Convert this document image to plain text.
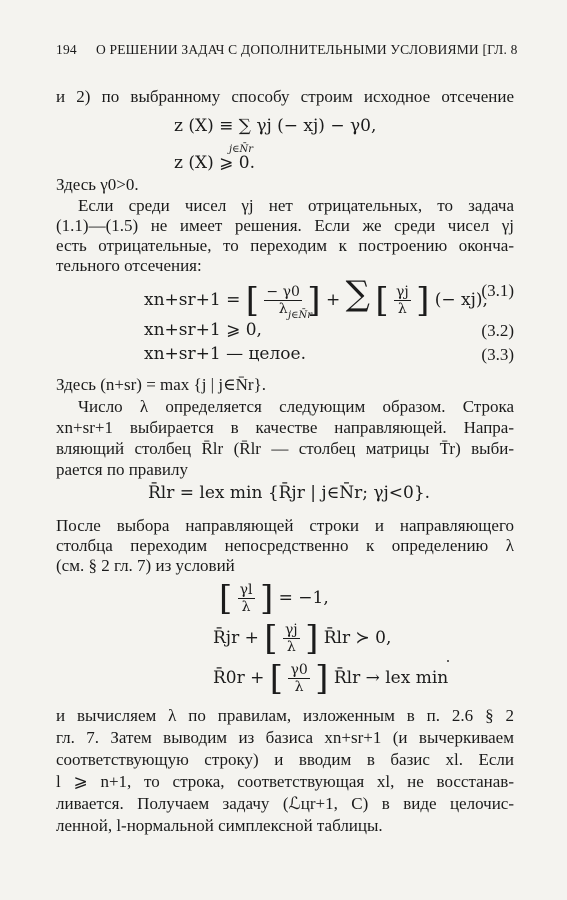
194 О РЕШЕНИИ ЗАДАЧ С ДОПОЛНИТЕЛЬНЫМИ УСЛОВИЯМИ [ГЛ. 8
и 2) по выбранному способу строим исходное отсечение
z (X) ≡ ∑ γj (− xj) − γ0,
j∈N̄r
z (X) ⩾ 0.
Здесь γ0>0.
Если среди чисел γj нет отрицательных, то задача
(1.1)—(1.5) не имеет решения. Если же среди чисел γj
есть отрицательные, то переходим к построению оконча-
тельного отсечения:
xn+sr+1 = [ $\frac{- \gamma 0}{\lambda}$ ] + ∑ [ $\frac{\gamma j}{\lambda}$ ] (− xj),
j∈N̄r
(3.1)
xn+sr+1 ⩾ 0,	(3.2)
xn+sr+1 — целое.	(3.3)
Здесь (n+sr) = max {j | j∈N̄r}.
Число λ определяется следующим образом. Строка
xn+sr+1 выбирается в качестве направляющей. Напра-
вляющий столбец R̄lr (R̄lr — столбец матрицы T̄r) выби-
рается по правилу
R̄lr = lex min {R̄jr | j∈N̄r; γj<0}.
После выбора направляющей строки и направляющего
столбца переходим непосредственно к определению λ
(см. § 2 гл. 7) из условий
[ $\frac{\gamma l}{\lambda}$ ] = −1,
R̄jr + [ $\frac{\gamma j}{\lambda}$ ] R̄lr ≻ 0,
R̄0r + [ $\frac{\gamma 0}{\lambda}$ ] R̄lr → lex min
и вычисляем λ по правилам, изложенным в п. 2.6 § 2
гл. 7. Затем выводим из базиса xn+sr+1 (и вычеркиваем
соответствующую строку) и вводим в базис xl. Если
l ⩾ n+1, то строка, соответствующая xl, не восстанав-
ливается. Получаем задачу (ℒцr+1, C) в виде целочис-
ленной, l-нормальной симплексной таблицы.
